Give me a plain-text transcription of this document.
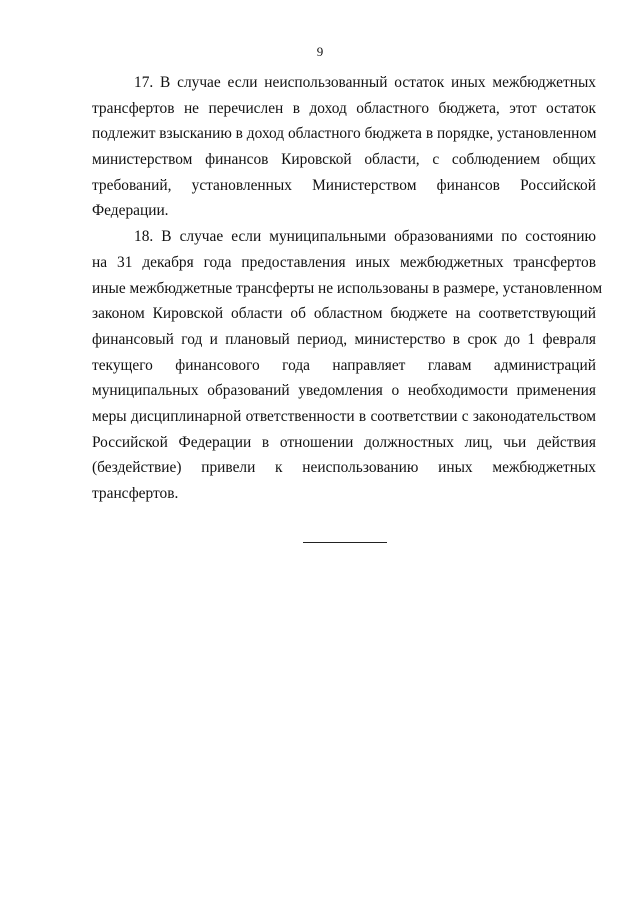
9
17. В случае если неиспользованный остаток иных межбюджетных
трансфертов не перечислен в доход областного бюджета, этот остаток
подлежит взысканию в доход областного бюджета в порядке, установленном
министерством финансов Кировской области, с соблюдением общих
требований, установленных Министерством финансов Российской
Федерации.
18. В случае если муниципальными образованиями по состоянию
на 31 декабря года предоставления иных межбюджетных трансфертов
иные межбюджетные трансферты не использованы в размере, установленном
законом Кировской области об областном бюджете на соответствующий
финансовый год и плановый период, министерство в срок до 1 февраля
текущего финансового года направляет главам администраций
муниципальных образований уведомления о необходимости применения
меры дисциплинарной ответственности в соответствии с законодательством
Российской Федерации в отношении должностных лиц, чьи действия
(бездействие) привели к неиспользованию иных межбюджетных
трансфертов.
